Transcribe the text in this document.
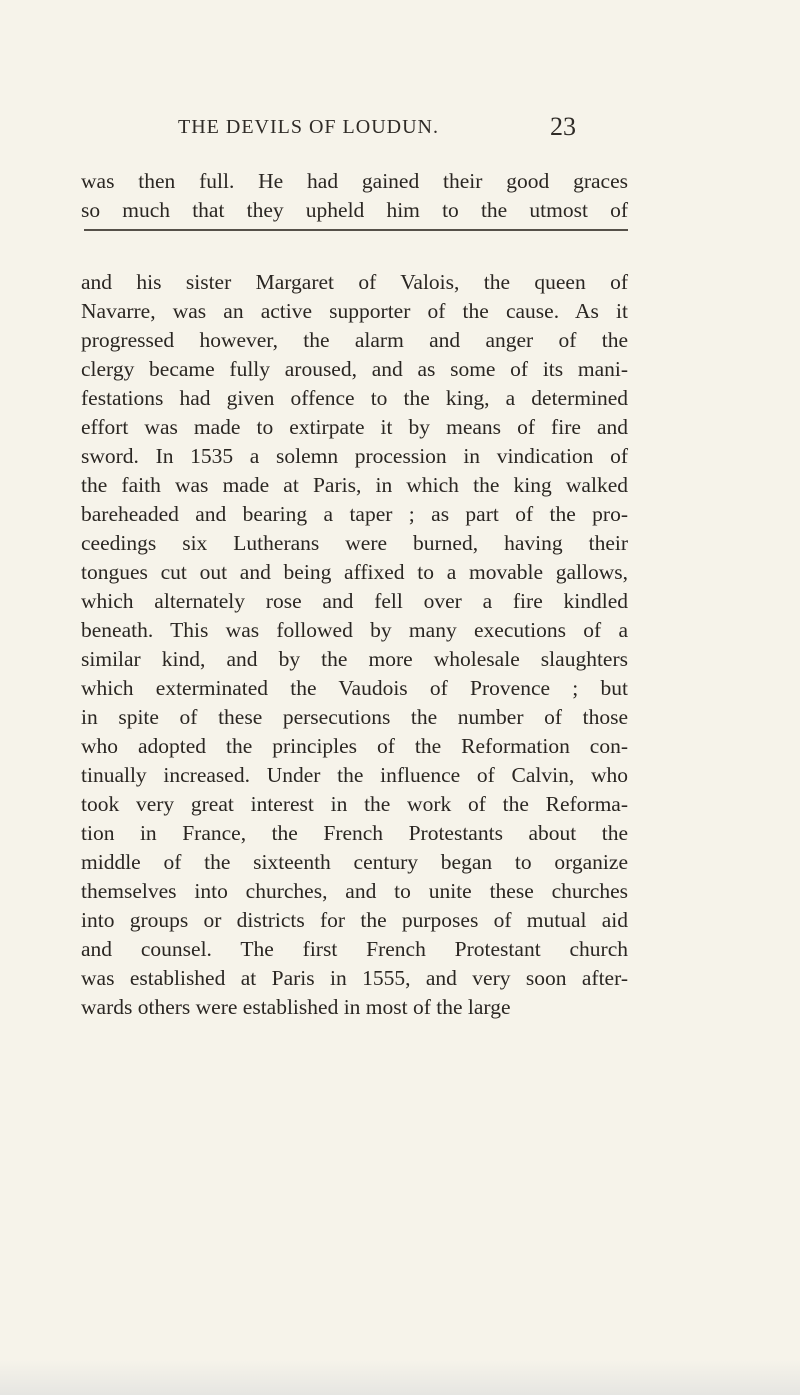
THE DEVILS OF LOUDUN.	23
was then full. He had gained their good graces
so much that they upheld him to the utmost of
and his sister Margaret of Valois, the queen of
Navarre, was an active supporter of the cause. As it
progressed however, the alarm and anger of the
clergy became fully aroused, and as some of its mani-
festations had given offence to the king, a determined
effort was made to extirpate it by means of fire and
sword. In 1535 a solemn procession in vindication of
the faith was made at Paris, in which the king walked
bareheaded and bearing a taper ; as part of the pro-
ceedings six Lutherans were burned, having their
tongues cut out and being affixed to a movable gallows,
which alternately rose and fell over a fire kindled
beneath. This was followed by many executions of a
similar kind, and by the more wholesale slaughters
which exterminated the Vaudois of Provence ; but
in spite of these persecutions the number of those
who adopted the principles of the Reformation con-
tinually increased. Under the influence of Calvin, who
took very great interest in the work of the Reforma-
tion in France, the French Protestants about the
middle of the sixteenth century began to organize
themselves into churches, and to unite these churches
into groups or districts for the purposes of mutual aid
and counsel. The first French Protestant church
was established at Paris in 1555, and very soon after-
wards others were established in most of the large
